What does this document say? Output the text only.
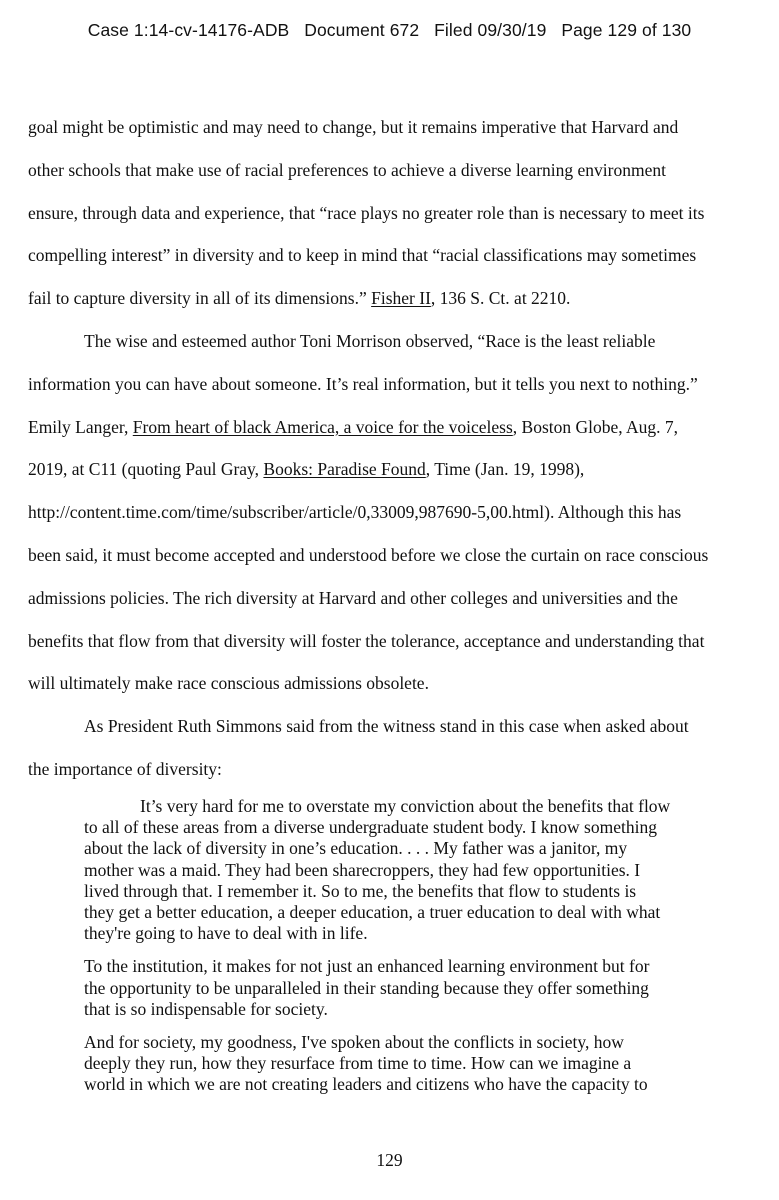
Case 1:14-cv-14176-ADB   Document 672   Filed 09/30/19   Page 129 of 130
goal might be optimistic and may need to change, but it remains imperative that Harvard and
other schools that make use of racial preferences to achieve a diverse learning environment
ensure, through data and experience, that “race plays no greater role than is necessary to meet its
compelling interest” in diversity and to keep in mind that “racial classifications may sometimes
fail to capture diversity in all of its dimensions.” Fisher II, 136 S. Ct. at 2210.
The wise and esteemed author Toni Morrison observed, “Race is the least reliable
information you can have about someone. It’s real information, but it tells you next to nothing.”
Emily Langer, From heart of black America, a voice for the voiceless, Boston Globe, Aug. 7,
2019, at C11 (quoting Paul Gray, Books: Paradise Found, Time (Jan. 19, 1998),
http://content.time.com/time/subscriber/article/0,33009,987690-5,00.html). Although this has
been said, it must become accepted and understood before we close the curtain on race conscious
admissions policies. The rich diversity at Harvard and other colleges and universities and the
benefits that flow from that diversity will foster the tolerance, acceptance and understanding that
will ultimately make race conscious admissions obsolete.
As President Ruth Simmons said from the witness stand in this case when asked about
the importance of diversity:
It’s very hard for me to overstate my conviction about the benefits that flow
to all of these areas from a diverse undergraduate student body. I know something
about the lack of diversity in one’s education. . . . My father was a janitor, my
mother was a maid. They had been sharecroppers, they had few opportunities. I
lived through that. I remember it. So to me, the benefits that flow to students is
they get a better education, a deeper education, a truer education to deal with what
they're going to have to deal with in life.
To the institution, it makes for not just an enhanced learning environment but for
the opportunity to be unparalleled in their standing because they offer something
that is so indispensable for society.
And for society, my goodness, I've spoken about the conflicts in society, how
deeply they run, how they resurface from time to time. How can we imagine a
world in which we are not creating leaders and citizens who have the capacity to
129
